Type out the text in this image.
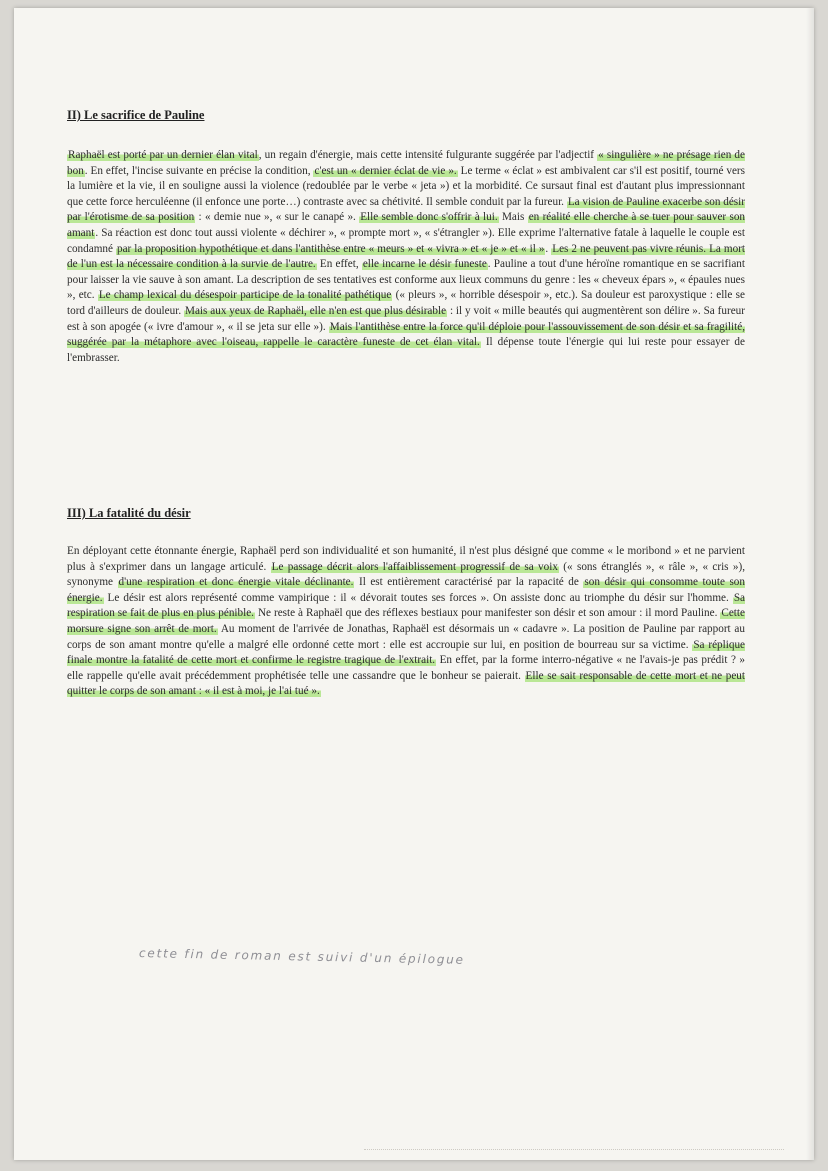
II) Le sacrifice de Pauline

Raphaël est porté par un dernier élan vital, un regain d'énergie, mais cette intensité fulgurante suggérée par l'adjectif « singulière » ne présage rien de bon. En effet, l'incise suivante en précise la condition, c'est un « dernier éclat de vie ». Le terme « éclat » est ambivalent car s'il est positif, tourné vers la lumière et la vie, il en souligne aussi la violence (redoublée par le verbe « jeta ») et la morbidité. Ce sursaut final est d'autant plus impressionnant que cette force herculéenne (il enfonce une porte…) contraste avec sa chétivité. Il semble conduit par la fureur. La vision de Pauline exacerbe son désir par l'érotisme de sa position : « demie nue », « sur le canapé ». Elle semble donc s'offrir à lui. Mais en réalité elle cherche à se tuer pour sauver son amant. Sa réaction est donc tout aussi violente « déchirer », « prompte mort », « s'étrangler »). Elle exprime l'alternative fatale à laquelle le couple est condamné par la proposition hypothétique et dans l'antithèse entre « meurs » et « vivra » et « je » et « il ». Les 2 ne peuvent pas vivre réunis. La mort de l'un est la nécessaire condition à la survie de l'autre. En effet, elle incarne le désir funeste. Pauline a tout d'une héroïne romantique en se sacrifiant pour laisser la vie sauve à son amant. La description de ses tentatives est conforme aux lieux communs du genre : les « cheveux épars », « épaules nues », etc. Le champ lexical du désespoir participe de la tonalité pathétique (« pleurs », « horrible désespoir », etc.). Sa douleur est paroxystique : elle se tord d'ailleurs de douleur. Mais aux yeux de Raphaël, elle n'en est que plus désirable : il y voit « mille beautés qui augmentèrent son délire ». Sa fureur est à son apogée (« ivre d'amour », « il se jeta sur elle »). Mais l'antithèse entre la force qu'il déploie pour l'assouvissement de son désir et sa fragilité, suggérée par la métaphore avec l'oiseau, rappelle le caractère funeste de cet élan vital. Il dépense toute l'énergie qui lui reste pour essayer de l'embrasser.

III) La fatalité du désir

En déployant cette étonnante énergie, Raphaël perd son individualité et son humanité, il n'est plus désigné que comme « le moribond » et ne parvient plus à s'exprimer dans un langage articulé. Le passage décrit alors l'affaiblissement progressif de sa voix (« sons étranglés », « râle », « cris »), synonyme d'une respiration et donc énergie vitale déclinante. Il est entièrement caractérisé par la rapacité de son désir qui consomme toute son énergie. Le désir est alors représenté comme vampirique : il « dévorait toutes ses forces ». On assiste donc au triomphe du désir sur l'homme. Sa respiration se fait de plus en plus pénible. Ne reste à Raphaël que des réflexes bestiaux pour manifester son désir et son amour : il mord Pauline. Cette morsure signe son arrêt de mort. Au moment de l'arrivée de Jonathas, Raphaël est désormais un « cadavre ». La position de Pauline par rapport au corps de son amant montre qu'elle a malgré elle ordonné cette mort : elle est accroupie sur lui, en position de bourreau sur sa victime. Sa réplique finale montre la fatalité de cette mort et confirme le registre tragique de l'extrait. En effet, par la forme interro-négative « ne l'avais-je pas prédit ? » elle rappelle qu'elle avait précédemment prophétisée telle une cassandre que le bonheur se paierait. Elle se sait responsable de cette mort et ne peut quitter le corps de son amant : « il est à moi, je l'ai tué ».

cette fin de roman est suivi d'un épilogue
